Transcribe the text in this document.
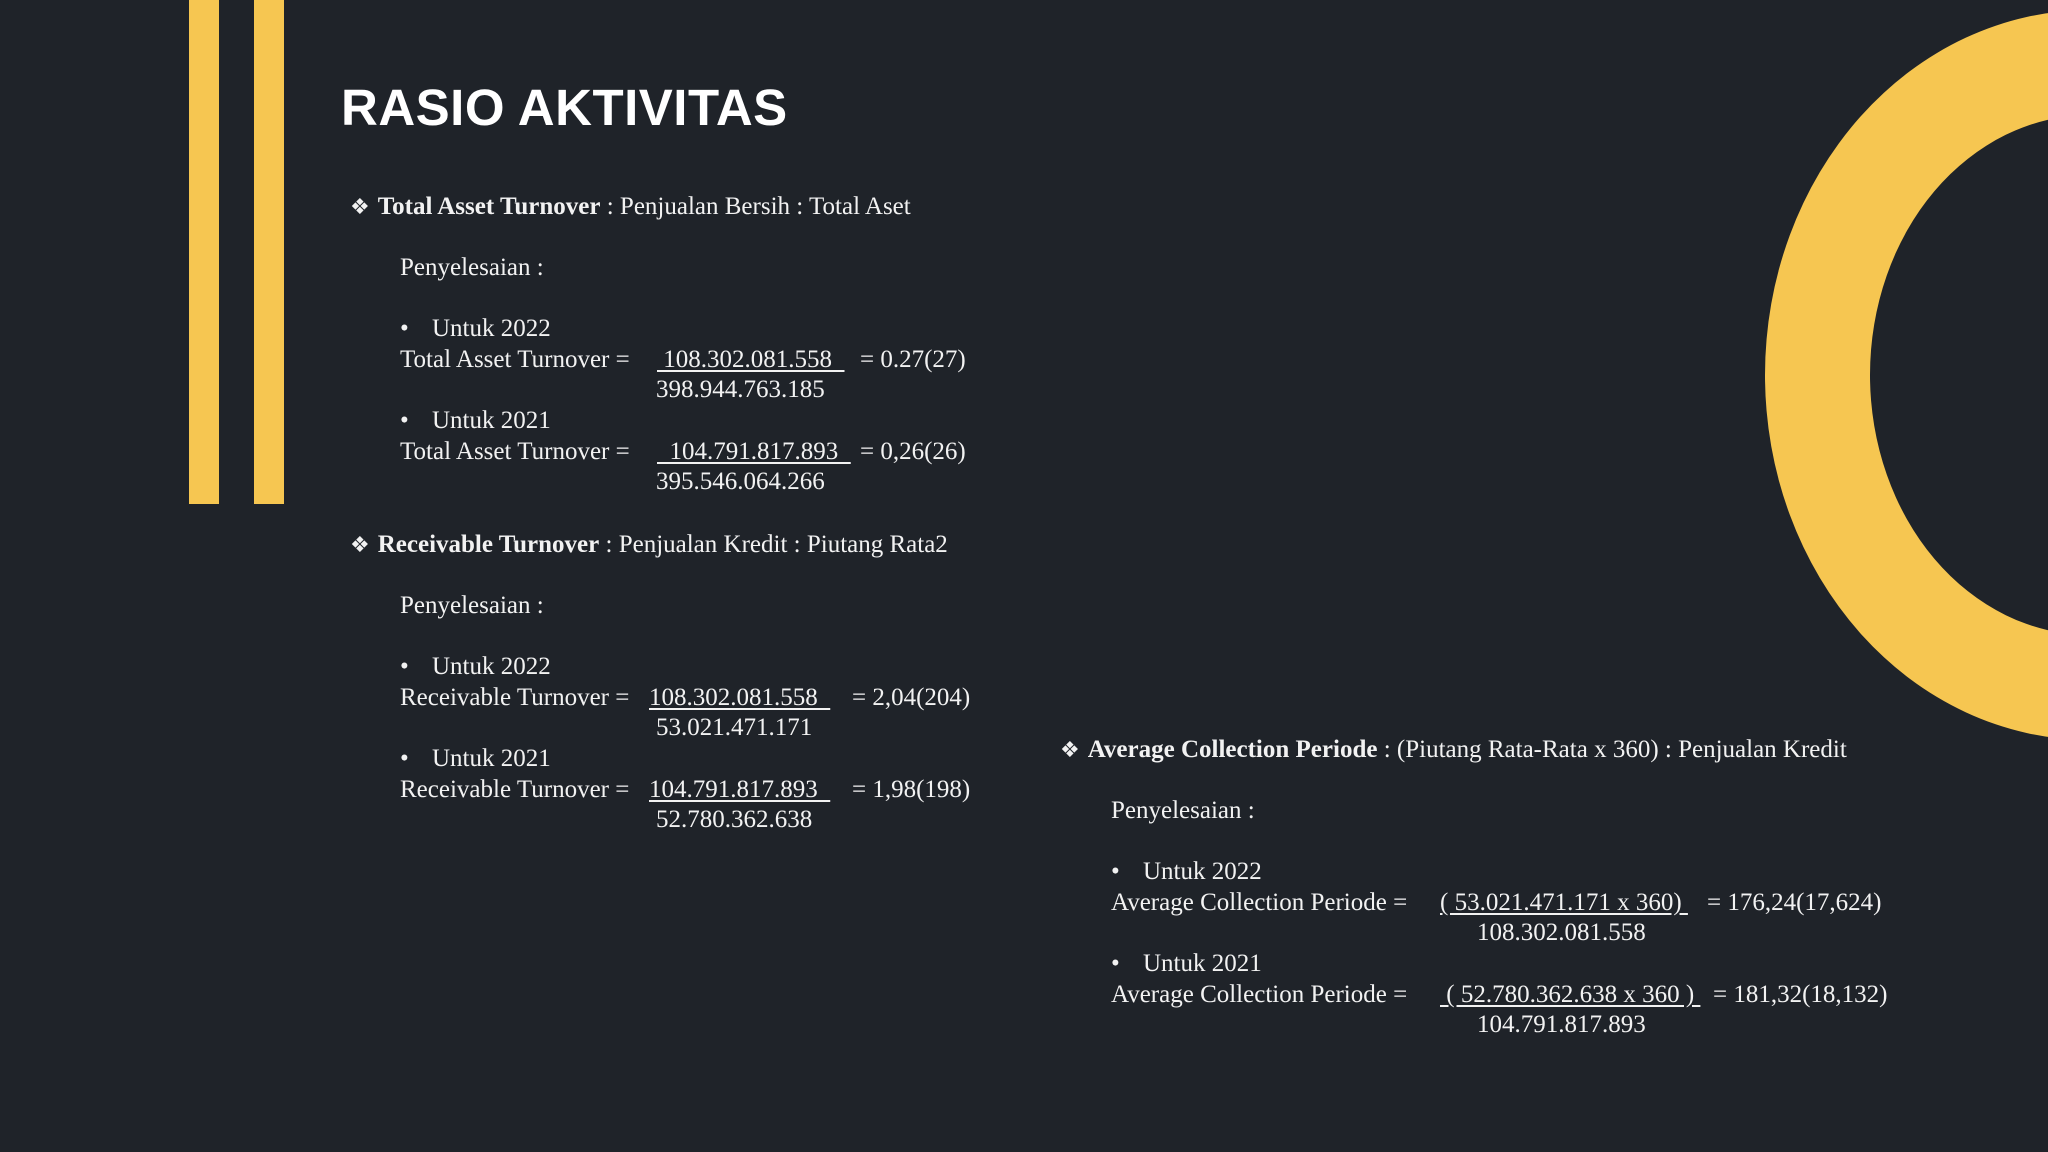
RASIO AKTIVITAS
❖ Total Asset Turnover : Penjualan Bersih : Total Aset
Penyelesaian :
• Untuk 2022
Total Asset Turnover = 108.302.081.558 = 0.27(27)
398.944.763.185
• Untuk 2021
Total Asset Turnover = 104.791.817.893 = 0,26(26)
395.546.064.266
❖ Receivable Turnover : Penjualan Kredit : Piutang Rata2
Penyelesaian :
• Untuk 2022
Receivable Turnover = 108.302.081.558 = 2,04(204)
53.021.471.171
• Untuk 2021
Receivable Turnover = 104.791.817.893 = 1,98(198)
52.780.362.638
❖ Average Collection Periode : (Piutang Rata-Rata x 360) : Penjualan Kredit
Penyelesaian :
• Untuk 2022
Average Collection Periode = ( 53.021.471.171 x 360) = 176,24(17,624)
108.302.081.558
• Untuk 2021
Average Collection Periode = ( 52.780.362.638 x 360 ) = 181,32(18,132)
104.791.817.893
